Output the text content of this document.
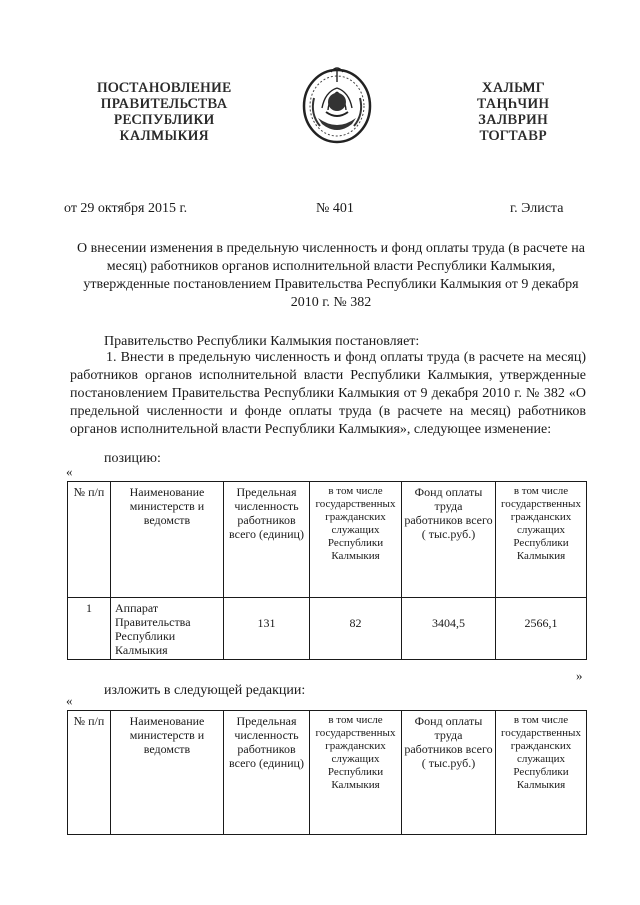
ПОСТАНОВЛЕНИЕ
ПРАВИТЕЛЬСТВА
РЕСПУБЛИКИ
КАЛМЫКИЯ
ХАЛЬМГ
ТАҢҺЧИН
ЗАЛВРИН
ТОГТАВР
от 29 октября 2015 г.	№ 401	г. Элиста
О внесении изменения в предельную численность и фонд оплаты труда (в расчете на месяц) работников органов исполнительной власти Республики Калмыкия, утвержденные постановлением Правительства Республики Калмыкия от 9 декабря 2010 г. № 382
Правительство Республики Калмыкия постановляет:
1. Внести в предельную численность и фонд оплаты труда (в расчете на месяц) работников органов исполнительной власти Республики Калмыкия, утвержденные постановлением Правительства Республики Калмыкия от 9 декабря 2010 г. № 382 «О предельной численности и фонде оплаты труда (в расчете на месяц) работников органов исполнительной власти Республики Калмыкия», следующее изменение:
позицию:
«
№ п/п	Наименование министерств и ведомств	Предельная численность работников всего (единиц)	в том числе государственных гражданских служащих Республики Калмыкия	Фонд оплаты труда работников всего ( тыс.руб.)	в том числе государственных гражданских служащих Республики Калмыкия
1	Аппарат Правительства Республики Калмыкия	131	82	3404,5	2566,1
»
изложить в следующей редакции:
«
№ п/п	Наименование министерств и ведомств	Предельная численность работников всего (единиц)	в том числе государственных гражданских служащих Республики Калмыкия	Фонд оплаты труда работников всего ( тыс.руб.)	в том числе государственных гражданских служащих Республики Калмыкия
